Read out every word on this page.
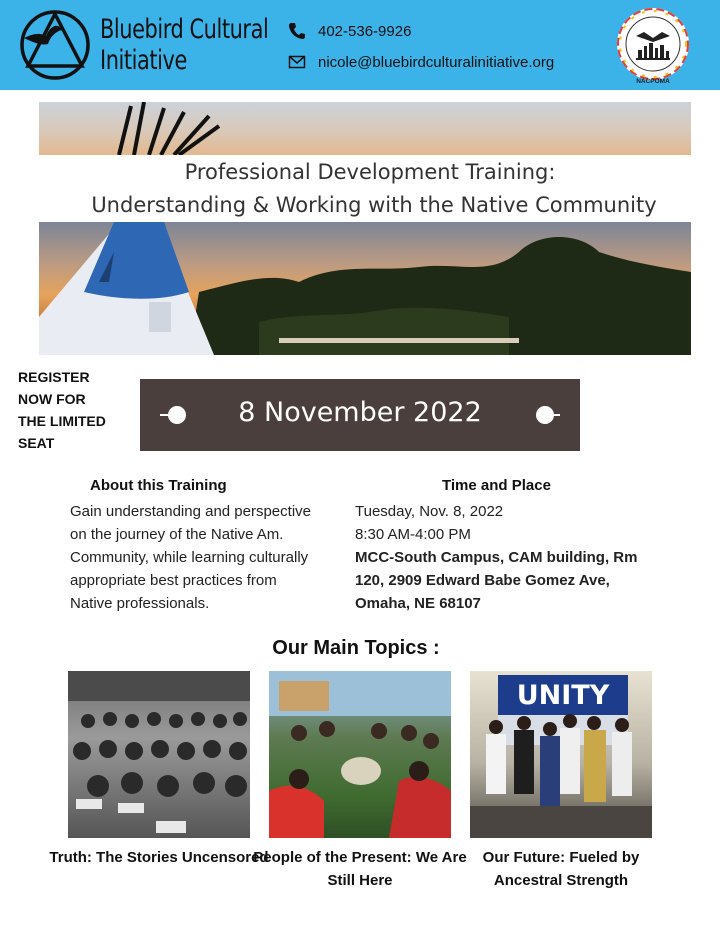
Bluebird Cultural Initiative
402-536-9926
nicole@bluebirdculturalinitiative.org
NACPOMA
Professional Development Training:
Understanding & Working with the Native Community
REGISTER NOW FOR THE LIMITED SEAT
8 November 2022
About this Training
Gain understanding and perspective on the journey of the Native Am. Community, while learning culturally appropriate best practices from Native professionals.
Time and Place
Tuesday, Nov. 8, 2022
8:30 AM-4:00 PM
MCC-South Campus, CAM building, Rm 120, 2909 Edward Babe Gomez Ave, Omaha, NE 68107
Our Main Topics :
UNITY
Truth: The Stories Uncensored
People of the Present: We Are Still Here
Our Future: Fueled by Ancestral Strength
